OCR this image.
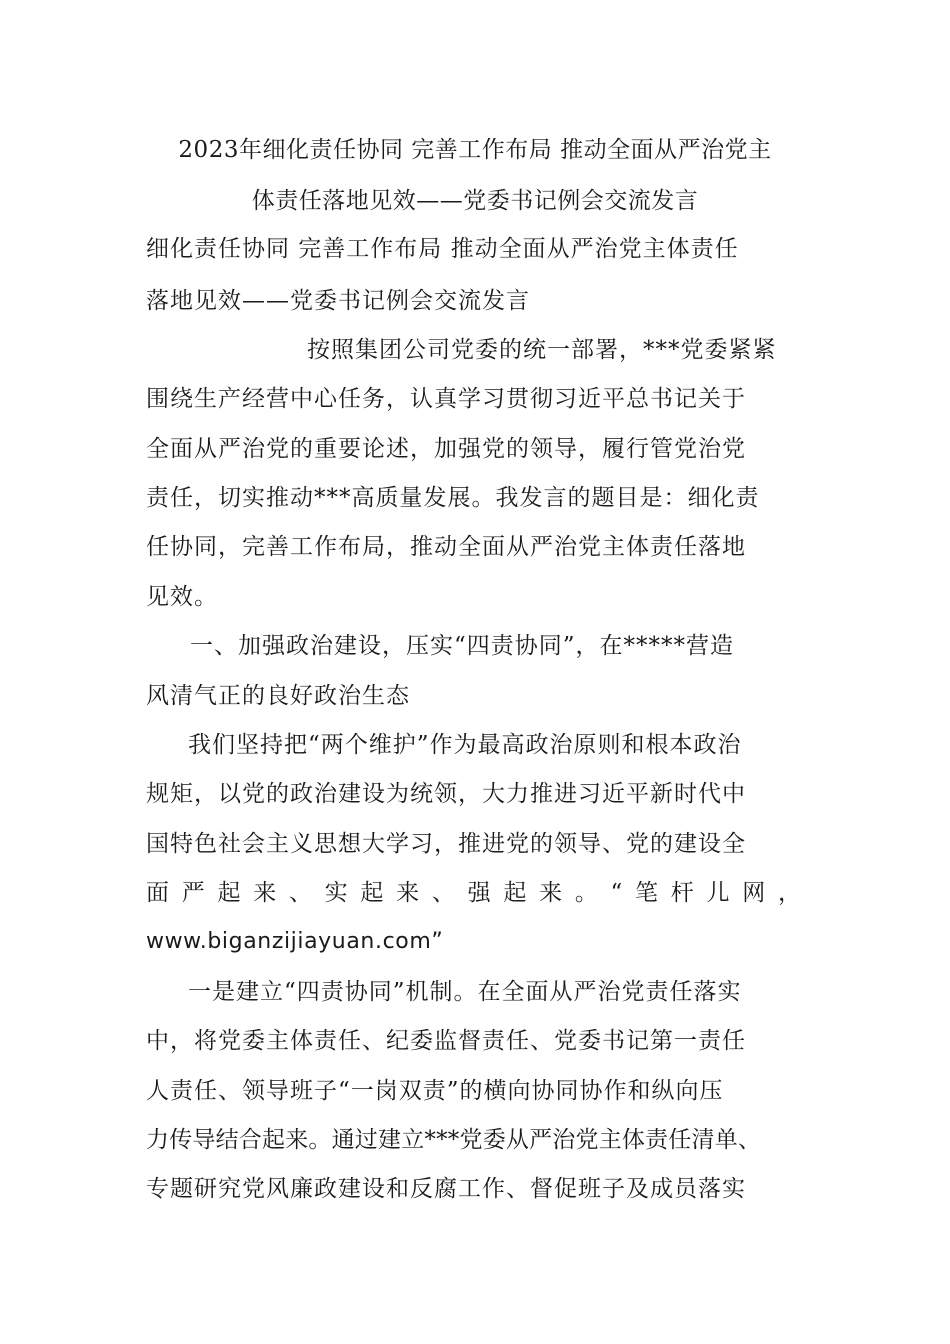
2023年细化责任协同 完善工作布局 推动全面从严治党主
体责任落地见效——党委书记例会交流发言
细化责任协同 完善工作布局 推动全面从严治党主体责任
落地见效——党委书记例会交流发言
按照集团公司党委的统一部署，***党委紧紧
围绕生产经营中心任务，认真学习贯彻习近平总书记关于
全面从严治党的重要论述，加强党的领导，履行管党治党
责任，切实推动***高质量发展。我发言的题目是：细化责
任协同，完善工作布局，推动全面从严治党主体责任落地
见效。
一、加强政治建设，压实“四责协同”，在*****营造
风清气正的良好政治生态
我们坚持把“两个维护”作为最高政治原则和根本政治
规矩，以党的政治建设为统领，大力推进习近平新时代中
国特色社会主义思想大学习，推进党的领导、党的建设全
面 严 起 来 、 实 起 来 、 强 起 来 。 “ 笔 杆 儿 网 ，
www.biganzijiayuan.com”
一是建立“四责协同”机制。在全面从严治党责任落实
中，将党委主体责任、纪委监督责任、党委书记第一责任
人责任、领导班子“一岗双责”的横向协同协作和纵向压
力传导结合起来。通过建立***党委从严治党主体责任清单、
专题研究党风廉政建设和反腐工作、督促班子及成员落实
